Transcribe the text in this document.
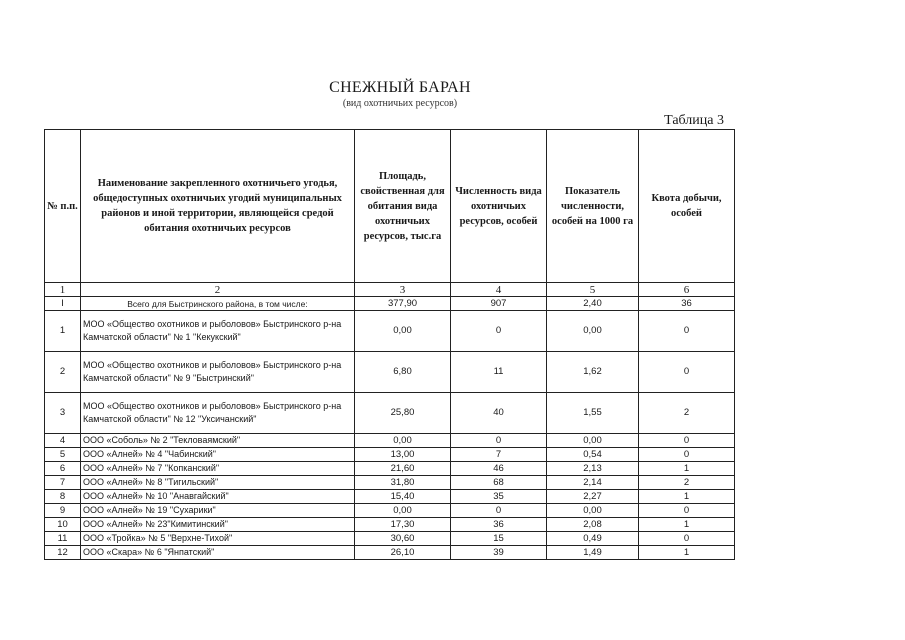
СНЕЖНЫЙ БАРАН
(вид охотничьих ресурсов)
Таблица 3
№ п.п.	Наименование закрепленного охотничьего угодья, общедоступных охотничьих угодий муниципальных районов и иной территории, являющейся средой обитания охотничьих ресурсов	Площадь, свойственная для обитания вида охотничьих ресурсов, тыс.га	Численность вида охотничьих ресурсов, особей	Показатель численности, особей на 1000 га	Квота добычи, особей
1	2	3	4	5	6
I	Всего для Быстринского района, в том числе:	377,90	907	2,40	36
1	МОО «Общество охотников и рыболовов» Быстринского р-на Камчатской области" № 1 "Кекукский"	0,00	0	0,00	0
2	МОО «Общество охотников и рыболовов» Быстринского р-на Камчатской области" № 9 "Быстринский"	6,80	11	1,62	0
3	МОО «Общество охотников и рыболовов» Быстринского р-на Камчатской области" № 12 "Уксичанский"	25,80	40	1,55	2
4	ООО «Соболь» № 2 "Текловаямский"	0,00	0	0,00	0
5	ООО «Алней» № 4 "Чабинский"	13,00	7	0,54	0
6	ООО «Алней» № 7 "Копканский"	21,60	46	2,13	1
7	ООО «Алней» № 8 "Тигильский"	31,80	68	2,14	2
8	ООО «Алней» № 10 "Анавгайский"	15,40	35	2,27	1
9	ООО «Алней» № 19 "Сухарики"	0,00	0	0,00	0
10	ООО «Алней» № 23"Кимитинский"	17,30	36	2,08	1
11	ООО «Тройка» № 5 "Верхне-Тихой"	30,60	15	0,49	0
12	ООО «Скара» № 6 "Янпатский"	26,10	39	1,49	1
